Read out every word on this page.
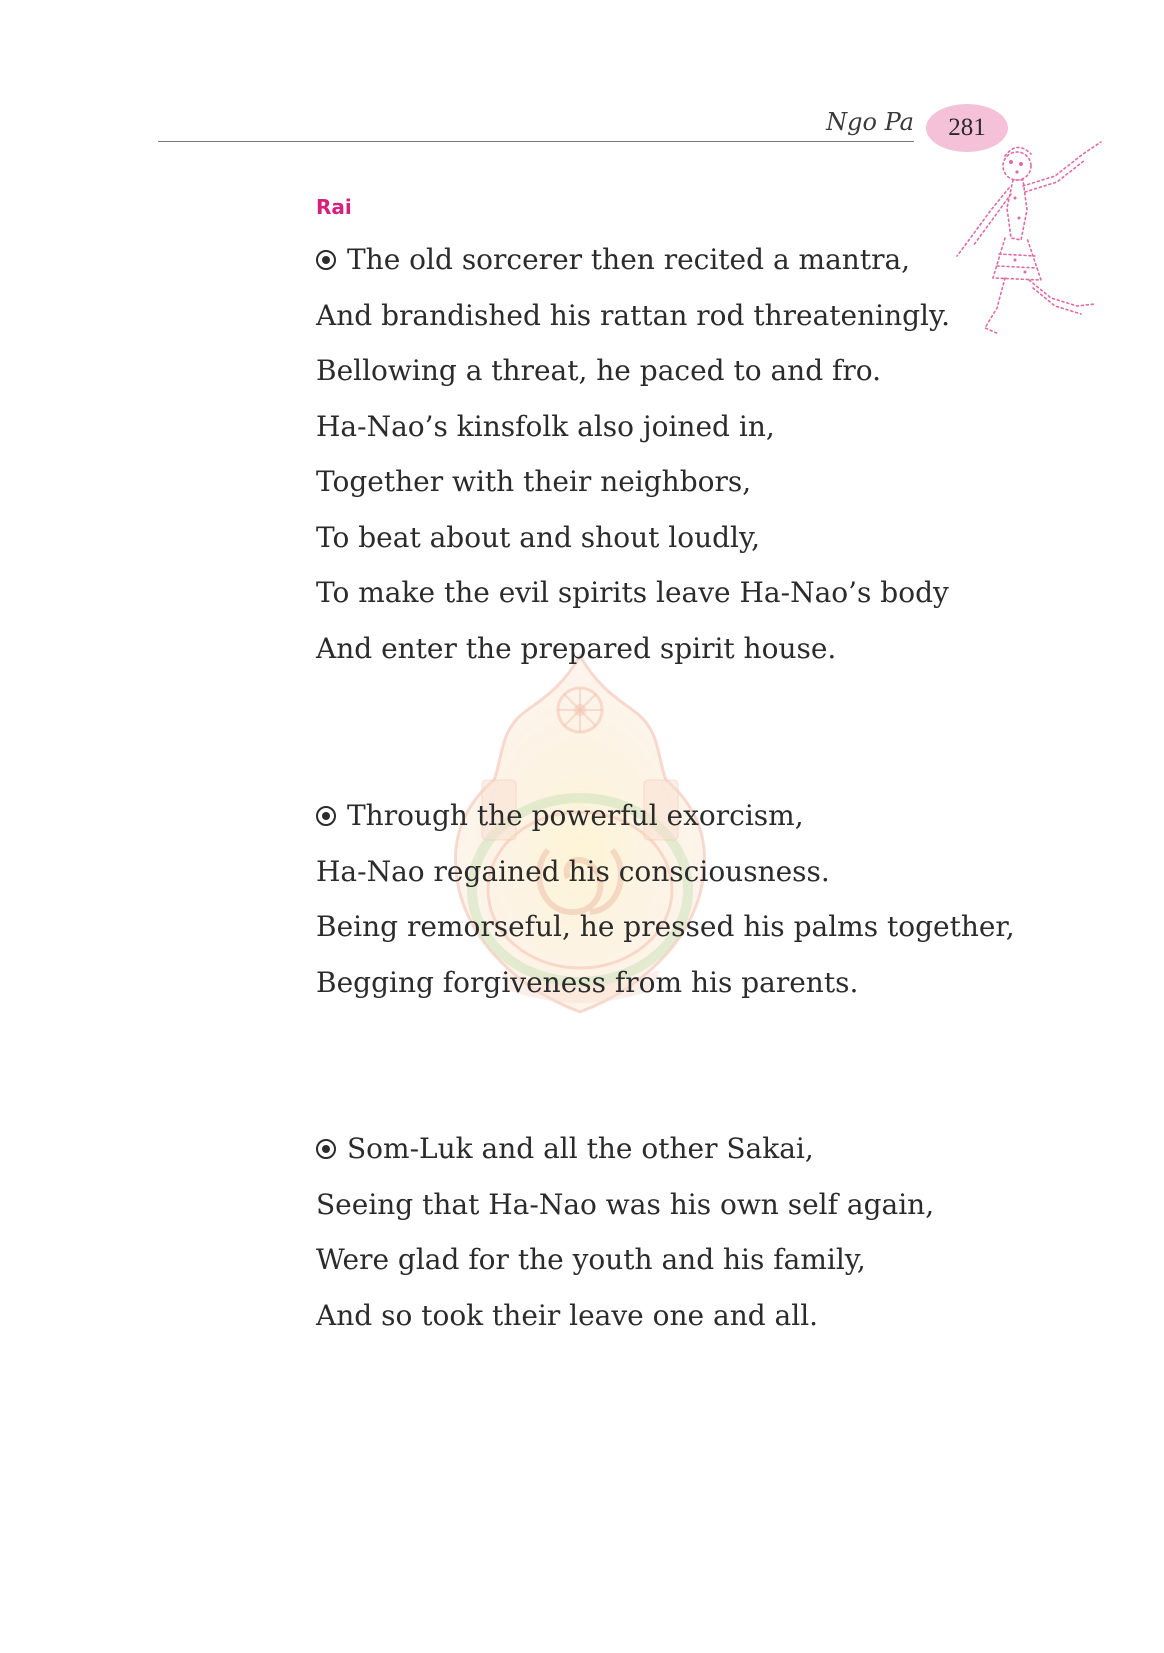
Ngo Pa 281
Rai
The old sorcerer then recited a mantra,
And brandished his rattan rod threateningly.
Bellowing a threat, he paced to and fro.
Ha-Nao’s kinsfolk also joined in,
Together with their neighbors,
To beat about and shout loudly,
To make the evil spirits leave Ha-Nao’s body
And enter the prepared spirit house.
Through the powerful exorcism,
Ha-Nao regained his consciousness.
Being remorseful, he pressed his palms together,
Begging forgiveness from his parents.
Som-Luk and all the other Sakai,
Seeing that Ha-Nao was his own self again,
Were glad for the youth and his family,
And so took their leave one and all.
